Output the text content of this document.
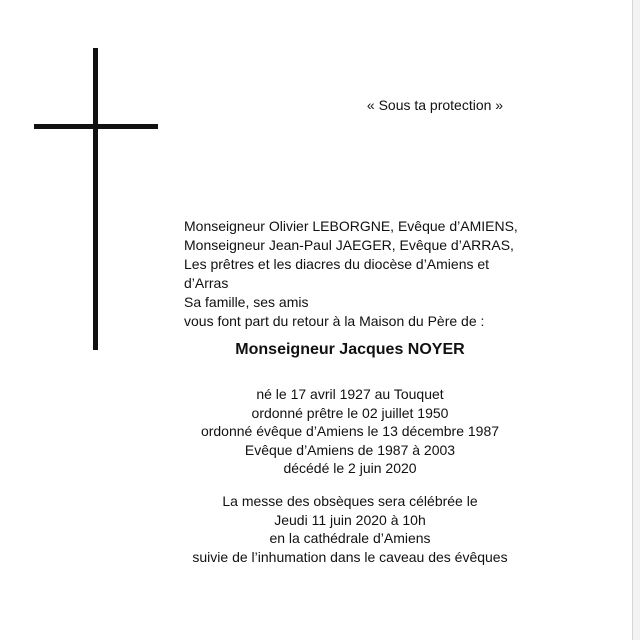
« Sous ta protection »
Monseigneur Olivier LEBORGNE, Evêque d’AMIENS,
Monseigneur Jean-Paul JAEGER, Evêque d’ARRAS,
Les prêtres et les diacres du diocèse d’Amiens et
d’Arras
Sa famille, ses amis
vous font part du retour à la Maison du Père de :
Monseigneur Jacques NOYER
né le 17 avril 1927 au Touquet
ordonné prêtre le 02 juillet 1950
ordonné évêque d’Amiens le 13 décembre 1987
Evêque d’Amiens de 1987 à 2003
décédé le 2 juin 2020
La messe des obsèques sera célébrée le
Jeudi 11 juin 2020 à 10h
en la cathédrale d’Amiens
suivie de l’inhumation dans le caveau des évêques
